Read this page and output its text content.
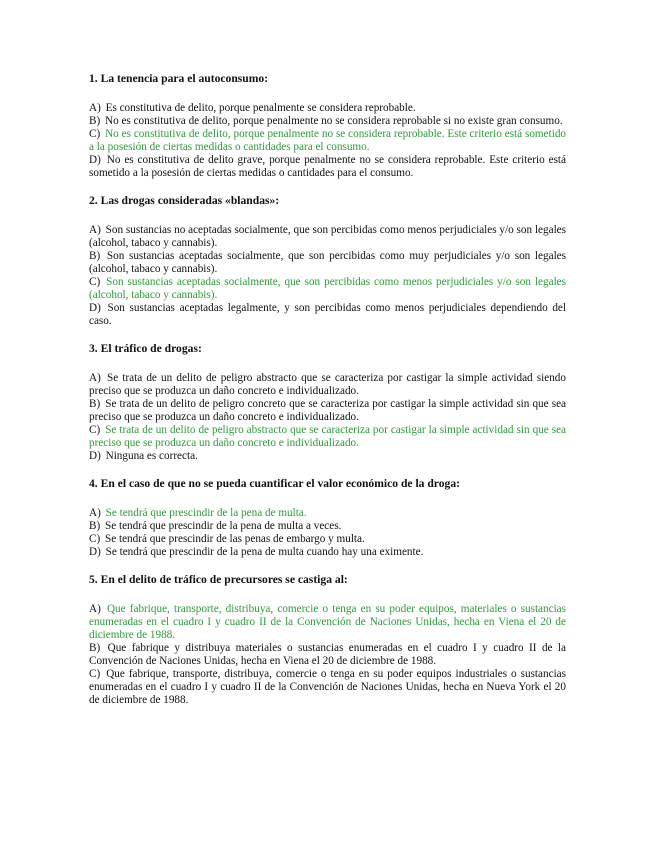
1. La tenencia para el autoconsumo:

A) Es constitutiva de delito, porque penalmente se considera reprobable.

B) No es constitutiva de delito, porque penalmente no se considera reprobable si no existe gran consumo.

C) No es constitutiva de delito, porque penalmente no se considera reprobable. Este criterio está sometido a la posesión de ciertas medidas o cantidades para el consumo.

D) No es constitutiva de delito grave, porque penalmente no se considera reprobable. Este criterio está sometido a la posesión de ciertas medidas o cantidades para el consumo.

2. Las drogas consideradas «blandas»:

A) Son sustancias no aceptadas socialmente, que son percibidas como menos perjudiciales y/o son legales (alcohol, tabaco y cannabis).

B) Son sustancias aceptadas socialmente, que son percibidas como muy perjudiciales y/o son legales (alcohol, tabaco y cannabis).

C) Son sustancias aceptadas socialmente, que son percibidas como menos perjudiciales y/o son legales (alcohol, tabaco y cannabis).

D) Son sustancias aceptadas legalmente, y son percibidas como menos perjudiciales dependiendo del caso.

3. El tráfico de drogas:

A) Se trata de un delito de peligro abstracto que se caracteriza por castigar la simple actividad siendo preciso que se produzca un daño concreto e individualizado.

B) Se trata de un delito de peligro concreto que se caracteriza por castigar la simple actividad sin que sea preciso que se produzca un daño concreto e individualizado.

C) Se trata de un delito de peligro abstracto que se caracteriza por castigar la simple actividad sin que sea preciso que se produzca un daño concreto e individualizado.

D) Ninguna es correcta.

4. En el caso de que no se pueda cuantificar el valor económico de la droga:

A) Se tendrá que prescindir de la pena de multa.

B) Se tendrá que prescindir de la pena de multa a veces.

C) Se tendrá que prescindir de las penas de embargo y multa.

D) Se tendrá que prescindir de la pena de multa cuando hay una eximente.

5. En el delito de tráfico de precursores se castiga al:

A) Que fabrique, transporte, distribuya, comercie o tenga en su poder equipos, materiales o sustancias enumeradas en el cuadro I y cuadro II de la Convención de Naciones Unidas, hecha en Viena el 20 de diciembre de 1988.

B) Que fabrique y distribuya materiales o sustancias enumeradas en el cuadro I y cuadro II de la Convención de Naciones Unidas, hecha en Viena el 20 de diciembre de 1988.

C) Que fabrique, transporte, distribuya, comercie o tenga en su poder equipos industriales o sustancias enumeradas en el cuadro I y cuadro II de la Convención de Naciones Unidas, hecha en Nueva York el 20 de diciembre de 1988.
